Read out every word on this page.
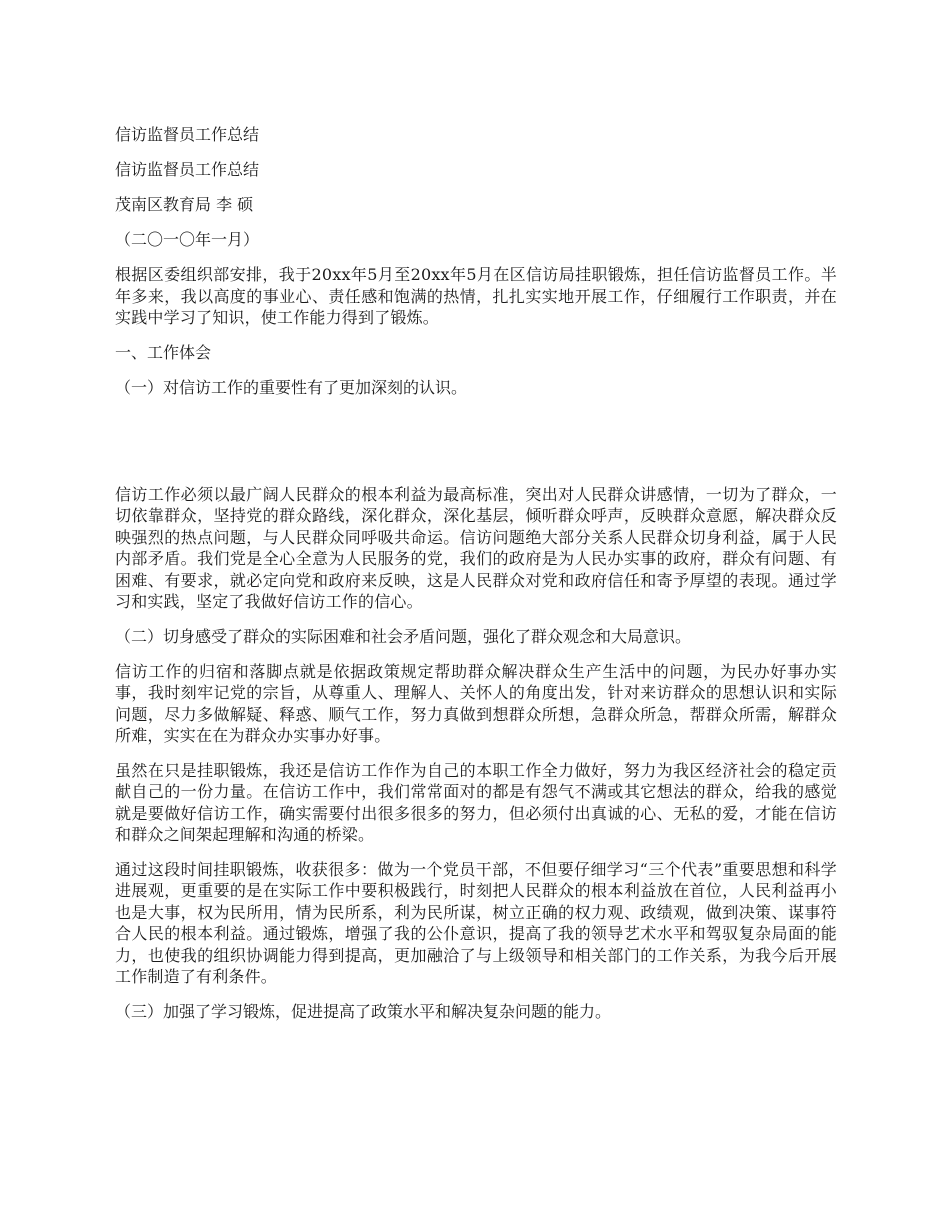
信访监督员工作总结
信访监督员工作总结
茂南区教育局 李 硕
（二〇一〇年一月）
根据区委组织部安排，我于20xx年5月至20xx年5月在区信访局挂职锻炼，担任信访监督员工作。半年多来，我以高度的事业心、责任感和饱满的热情，扎扎实实地开展工作，仔细履行工作职责，并在实践中学习了知识，使工作能力得到了锻炼。
一、工作体会
（一）对信访工作的重要性有了更加深刻的认识。
信访工作必须以最广阔人民群众的根本利益为最高标准，突出对人民群众讲感情，一切为了群众，一切依靠群众，坚持党的群众路线，深化群众，深化基层，倾听群众呼声，反映群众意愿，解决群众反映强烈的热点问题，与人民群众同呼吸共命运。信访问题绝大部分关系人民群众切身利益，属于人民内部矛盾。我们党是全心全意为人民服务的党，我们的政府是为人民办实事的政府，群众有问题、有困难、有要求，就必定向党和政府来反映，这是人民群众对党和政府信任和寄予厚望的表现。通过学习和实践，坚定了我做好信访工作的信心。
（二）切身感受了群众的实际困难和社会矛盾问题，强化了群众观念和大局意识。
信访工作的归宿和落脚点就是依据政策规定帮助群众解决群众生产生活中的问题，为民办好事办实事，我时刻牢记党的宗旨，从尊重人、理解人、关怀人的角度出发，针对来访群众的思想认识和实际问题，尽力多做解疑、释惑、顺气工作，努力真做到想群众所想，急群众所急，帮群众所需，解群众所难，实实在在为群众办实事办好事。
虽然在只是挂职锻炼，我还是信访工作作为自己的本职工作全力做好，努力为我区经济社会的稳定贡献自己的一份力量。在信访工作中，我们常常面对的都是有怨气不满或其它想法的群众，给我的感觉就是要做好信访工作，确实需要付出很多很多的努力，但必须付出真诚的心、无私的爱，才能在信访和群众之间架起理解和沟通的桥梁。
通过这段时间挂职锻炼，收获很多：做为一个党员干部，不但要仔细学习“三个代表”重要思想和科学进展观，更重要的是在实际工作中要积极践行，时刻把人民群众的根本利益放在首位，人民利益再小也是大事，权为民所用，情为民所系，利为民所谋，树立正确的权力观、政绩观，做到决策、谋事符合人民的根本利益。通过锻炼，增强了我的公仆意识，提高了我的领导艺术水平和驾驭复杂局面的能力，也使我的组织协调能力得到提高，更加融洽了与上级领导和相关部门的工作关系，为我今后开展工作制造了有利条件。
（三）加强了学习锻炼，促进提高了政策水平和解决复杂问题的能力。
